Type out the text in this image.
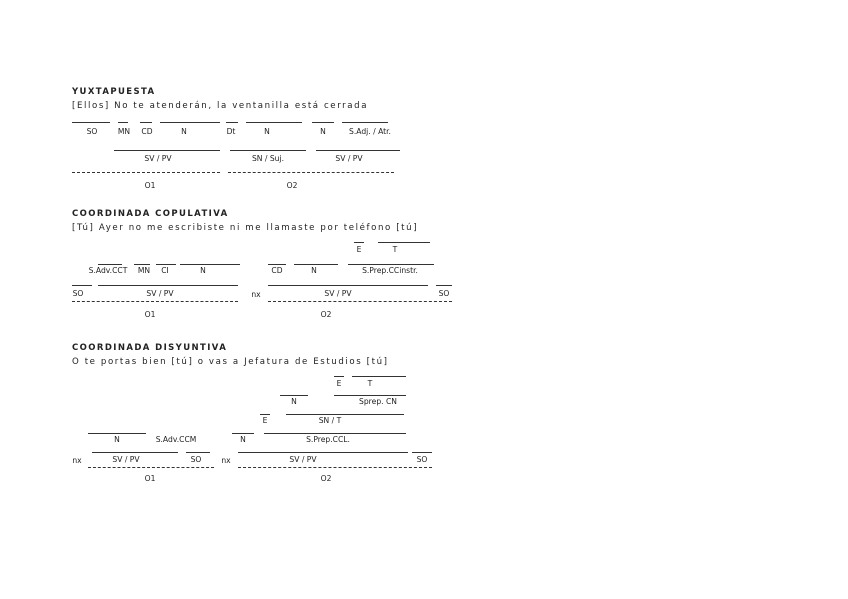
YUXTAPUESTA
[Ellos] No te atenderán, la ventanilla está cerrada
SO	MN CD	N	Dt	N	N	S.Adj. / Atr.
SV / PV	SN / Suj.	SV / PV
O1	O2
COORDINADA COPULATIVA
[Tú] Ayer no me escribiste ni me llamaste por teléfono [tú]
E	T
S.Adv.CCT MN CI	N	CD	N	S.Prep.CCinstr.
SO	SV / PV	nx	SV / PV	SO
O1	O2
COORDINADA DISYUNTIVA
O te portas bien [tú] o vas a Jefatura de Estudios [tú]
E	T
N	Sprep. CN
E	SN / T
N	S.Adv.CCM	N	S.Prep.CCL.
nx	SV / PV	SO	nx	SV / PV	SO
O1	O2
